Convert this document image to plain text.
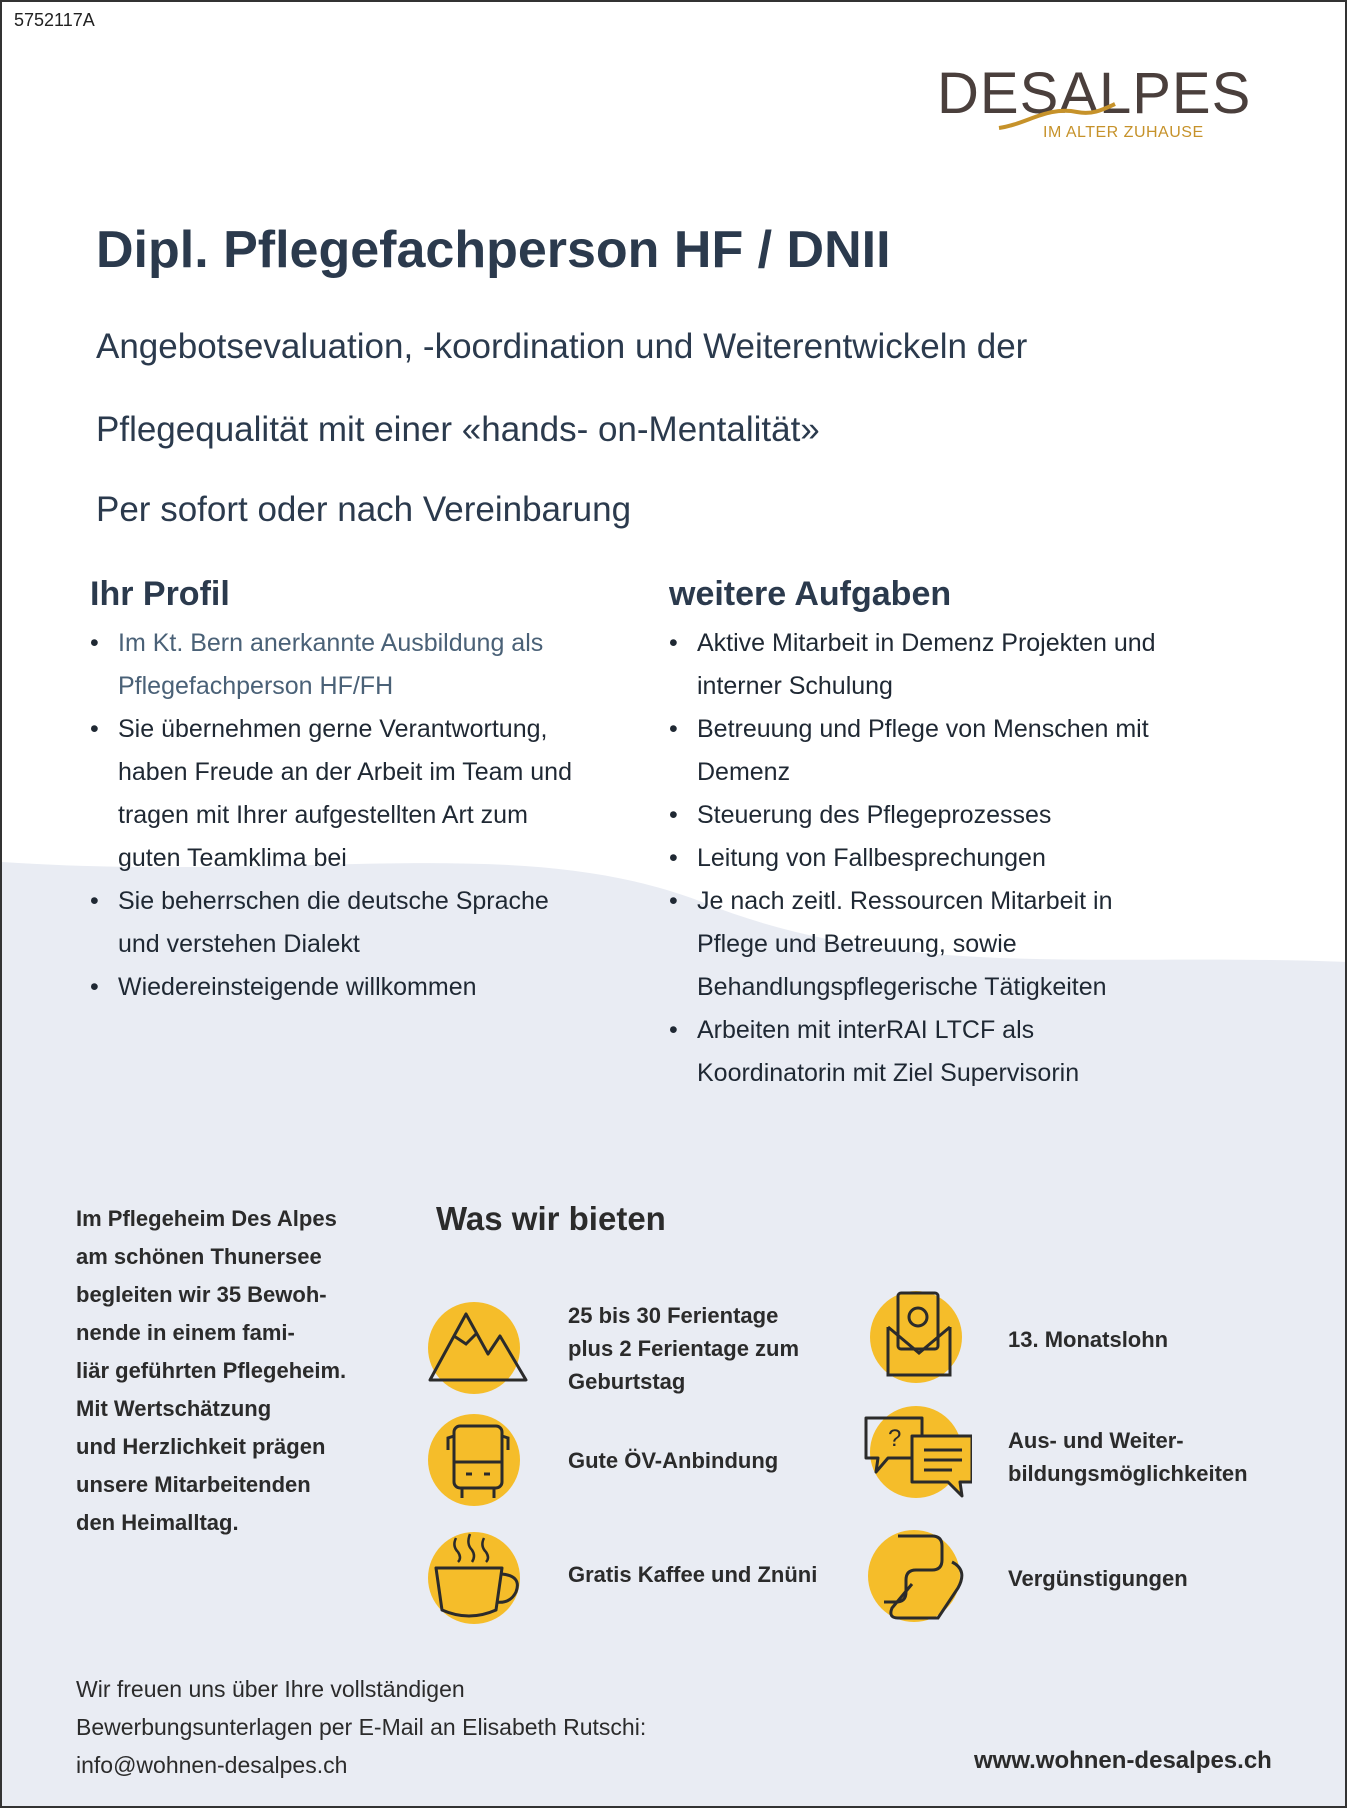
5752117A
DESALPES
IM ALTER ZUHAUSE
Dipl. Pflegefachperson HF / DNII
Angebotsevaluation, -koordination und Weiterentwickeln der
Pflegequalität mit einer «hands- on-Mentalität»
Per sofort oder nach Vereinbarung
Ihr Profil
• Im Kt. Bern anerkannte Ausbildung als
Pflegefachperson HF/FH
• Sie übernehmen gerne Verantwortung,
haben Freude an der Arbeit im Team und
tragen mit Ihrer aufgestellten Art zum
guten Teamklima bei
• Sie beherrschen die deutsche Sprache
und verstehen Dialekt
• Wiedereinsteigende willkommen
weitere Aufgaben
• Aktive Mitarbeit in Demenz Projekten und
interner Schulung
• Betreuung und Pflege von Menschen mit
Demenz
• Steuerung des Pflegeprozesses
• Leitung von Fallbesprechungen
• Je nach zeitl. Ressourcen Mitarbeit in
Pflege und Betreuung, sowie
Behandlungspflegerische Tätigkeiten
• Arbeiten mit interRAI LTCF als
Koordinatorin mit Ziel Supervisorin
Im Pflegeheim Des Alpes
am schönen Thunersee
begleiten wir 35 Bewoh-
nende in einem fami-
liär geführten Pflegeheim.
Mit Wertschätzung
und Herzlichkeit prägen
unsere Mitarbeitenden
den Heimalltag.
Was wir bieten
25 bis 30 Ferientage
plus 2 Ferientage zum
Geburtstag
13. Monatslohn
Gute ÖV-Anbindung
?	Aus- und Weiter-
bildungsmöglichkeiten
Gratis Kaffee und Znüni	Vergünstigungen
Wir freuen uns über Ihre vollständigen
Bewerbungsunterlagen per E-Mail an Elisabeth Rutschi:
info@wohnen-desalpes.ch	www.wohnen-desalpes.ch
